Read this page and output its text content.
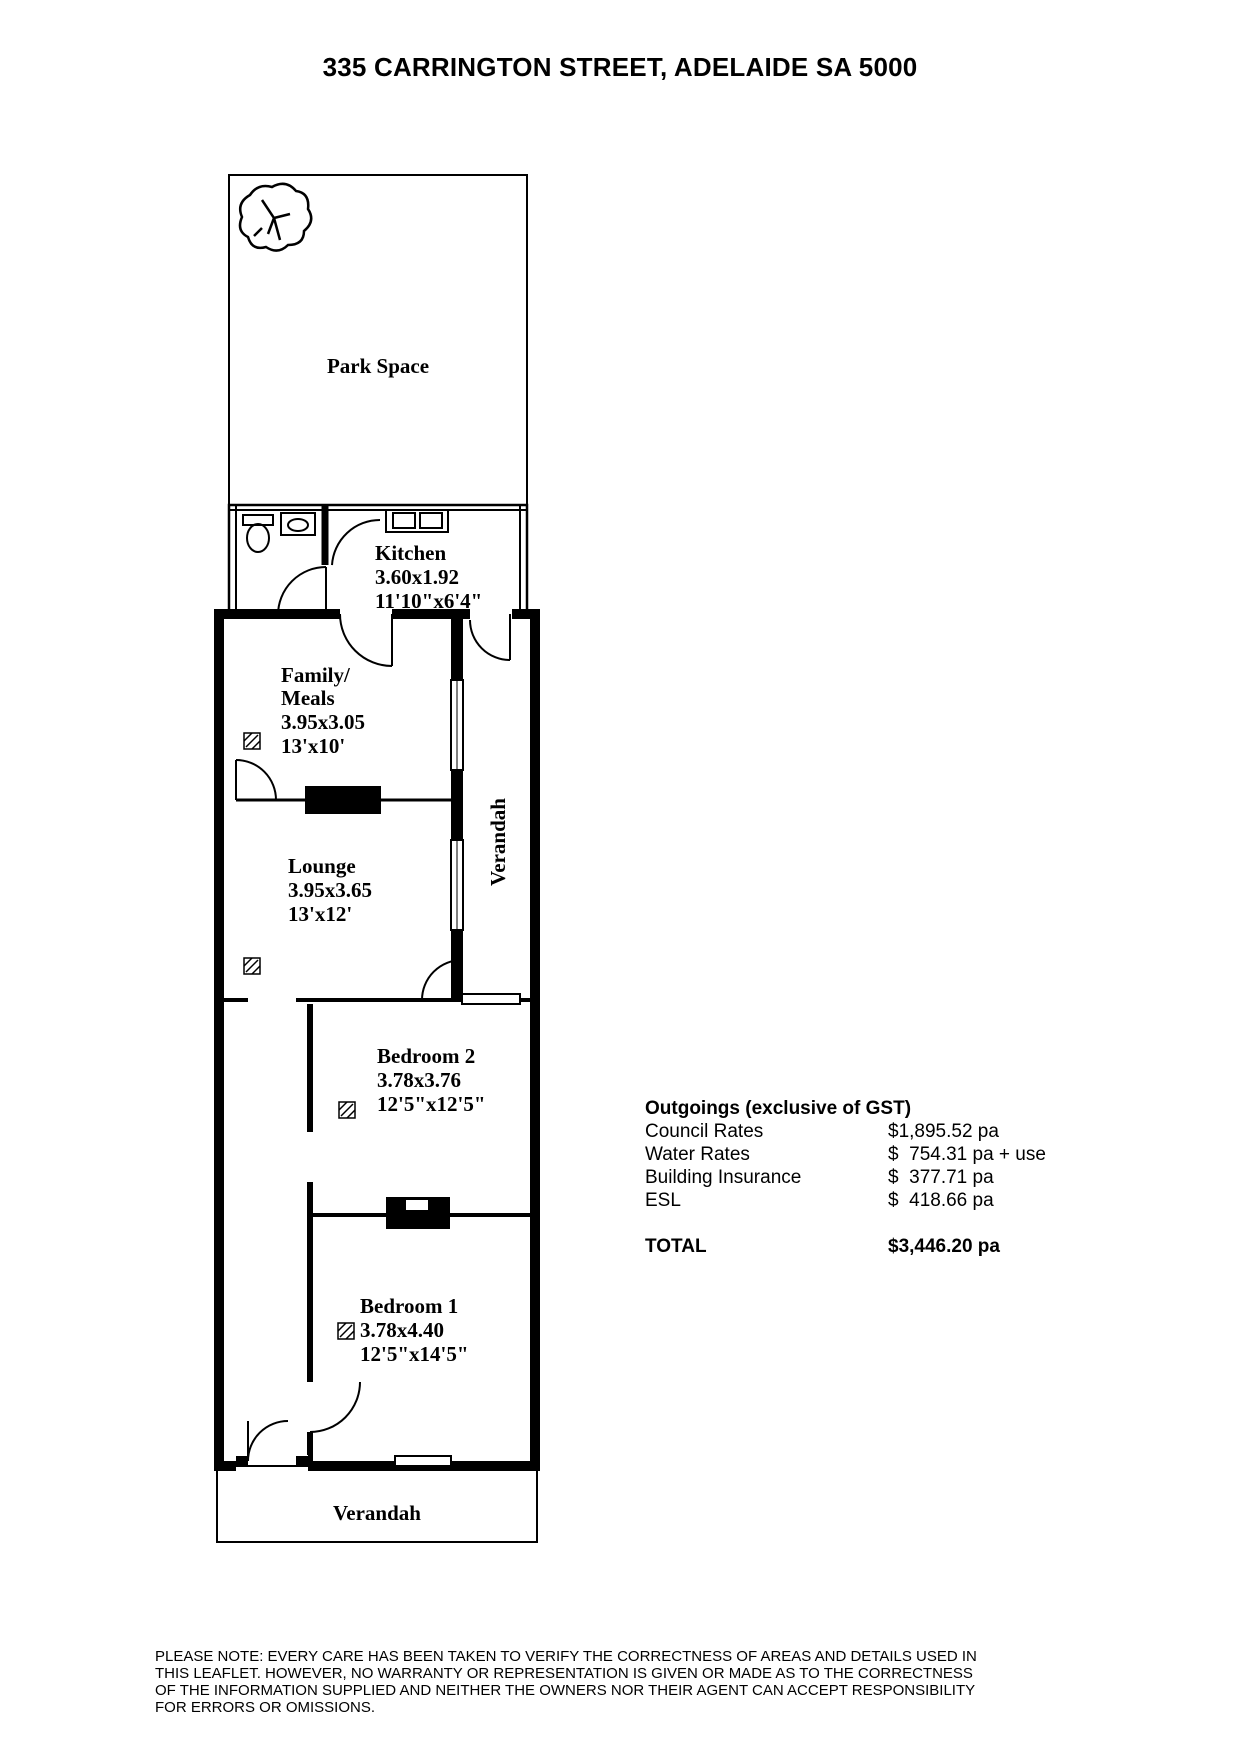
335 CARRINGTON STREET, ADELAIDE SA 5000
Park Space
Kitchen
3.60x1.92
11'10"x6'4"
Family/
Meals
3.95x3.05
13'x10'
Verandah
Lounge
3.95x3.65
13'x12'
Bedroom 2
3.78x3.76
12'5"x12'5"
Bedroom 1
3.78x4.40
12'5"x14'5"
Verandah
Outgoings (exclusive of GST)
Council Rates	$1,895.52 pa
Water Rates	$  754.31 pa + use
Building Insurance	$  377.71 pa
ESL	$  418.66 pa
TOTAL	$3,446.20 pa
PLEASE NOTE: EVERY CARE HAS BEEN TAKEN TO VERIFY THE CORRECTNESS OF AREAS AND DETAILS USED IN
THIS LEAFLET. HOWEVER, NO WARRANTY OR REPRESENTATION IS GIVEN OR MADE AS TO THE CORRECTNESS
OF THE INFORMATION SUPPLIED AND NEITHER THE OWNERS NOR THEIR AGENT CAN ACCEPT RESPONSIBILITY
FOR ERRORS OR OMISSIONS.
